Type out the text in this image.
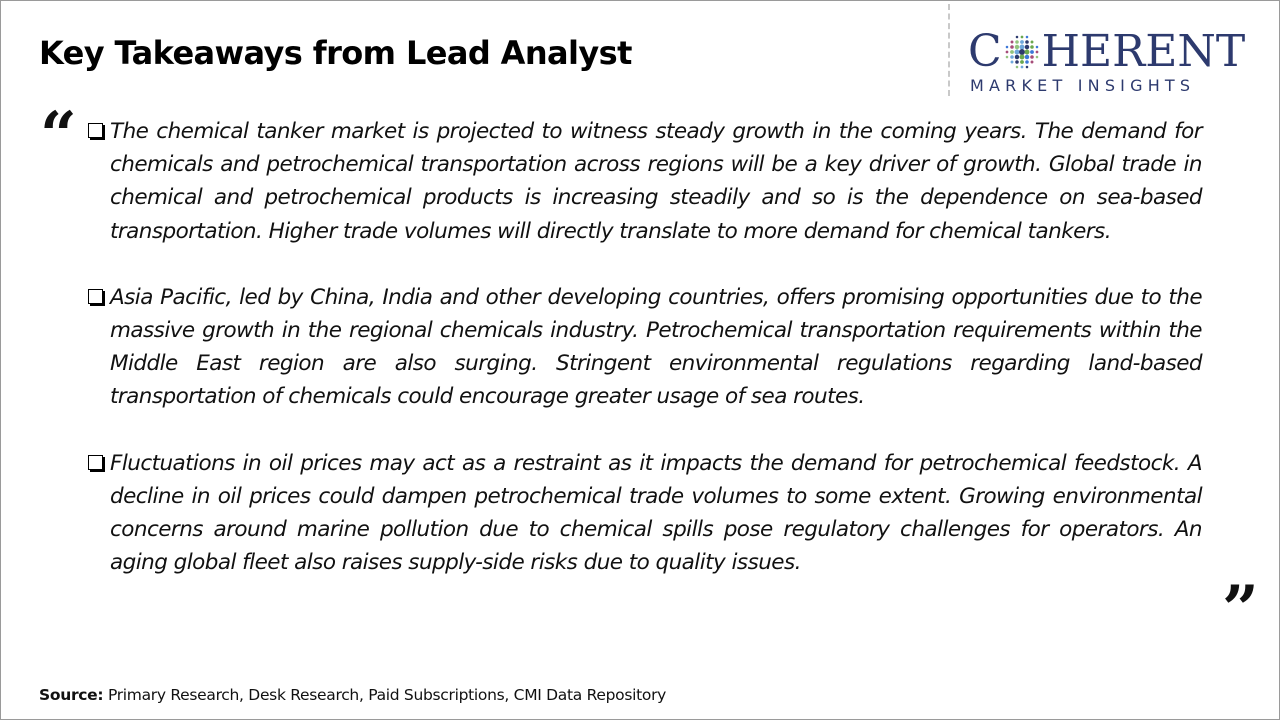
Key Takeaways from Lead Analyst	C HERENT
MARKET INSIGHTS
“ The chemical tanker market is projected to witness steady growth in the coming years. The demand for chemicals and petrochemical transportation across regions will be a key driver of growth. Global trade in chemical and petrochemical products is increasing steadily and so is the dependence on sea-based transportation. Higher trade volumes will directly translate to more demand for chemical tankers.

Asia Pacific, led by China, India and other developing countries, offers promising opportunities due to the massive growth in the regional chemicals industry. Petrochemical transportation requirements within the Middle East region are also surging. Stringent environmental regulations regarding land-based transportation of chemicals could encourage greater usage of sea routes.

Fluctuations in oil prices may act as a restraint as it impacts the demand for petrochemical feedstock. A decline in oil prices could dampen petrochemical trade volumes to some extent. Growing environmental concerns around marine pollution due to chemical spills pose regulatory challenges for operators. An aging global fleet also raises supply-side risks due to quality issues.

”
Source: Primary Research, Desk Research, Paid Subscriptions, CMI Data Repository
